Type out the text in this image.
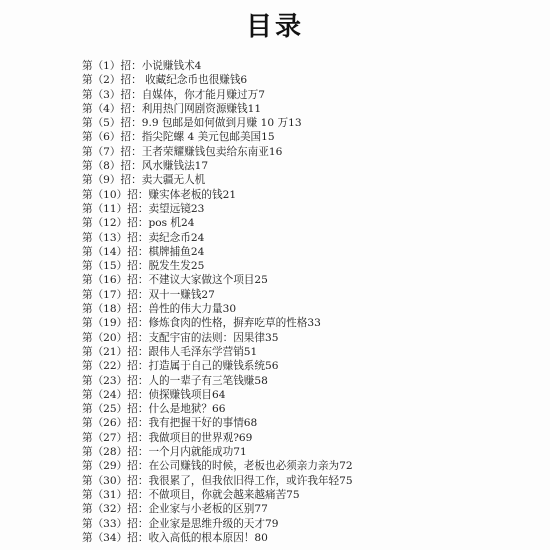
目录
第（1）招： 小说赚钱术4
第（2）招： 收藏纪念币也很赚钱6
第（3）招： 自媒体，你才能月赚过万7
第（4）招： 利用热门网剧资源赚钱11
第（5）招： 9.9 包邮是如何做到月赚 10 万13
第（6）招： 指尖陀螺 4 美元包邮美国15
第（7）招： 王者荣耀赚钱包卖给东南亚16
第（8）招： 风水赚钱法17
第（9）招： 卖大疆无人机
第（10）招： 赚实体老板的钱21
第（11）招： 卖望远镜23
第（12）招： pos 机24
第（13）招： 卖纪念币24
第（14）招： 棋牌捕鱼24
第（15）招： 脱发生发25
第（16）招： 不建议大家做这个项目25
第（17）招： 双十一赚钱27
第（18）招： 兽性的伟大力量30
第（19）招： 修炼食肉的性格，摒弃吃草的性格33
第（20）招： 支配宇宙的法则：因果律35
第（21）招： 跟伟人毛泽东学营销51
第（22）招： 打造属于自己的赚钱系统56
第（23）招： 人的一辈子有三笔钱赚58
第（24）招： 侦探赚钱项目64
第（25）招： 什么是地狱？66
第（26）招： 我有把握干好的事情68
第（27）招： 我做项目的世界观?69
第（28）招： 一个月内就能成功71
第（29）招： 在公司赚钱的时候，老板也必须亲力亲为72
第（30）招： 我很累了，但我依旧得工作，或许我年轻75
第（31）招： 不做项目，你就会越来越痛苦75
第（32）招： 企业家与小老板的区别77
第（33）招： 企业家是思维升级的天才79
第（34）招： 收入高低的根本原因！80
